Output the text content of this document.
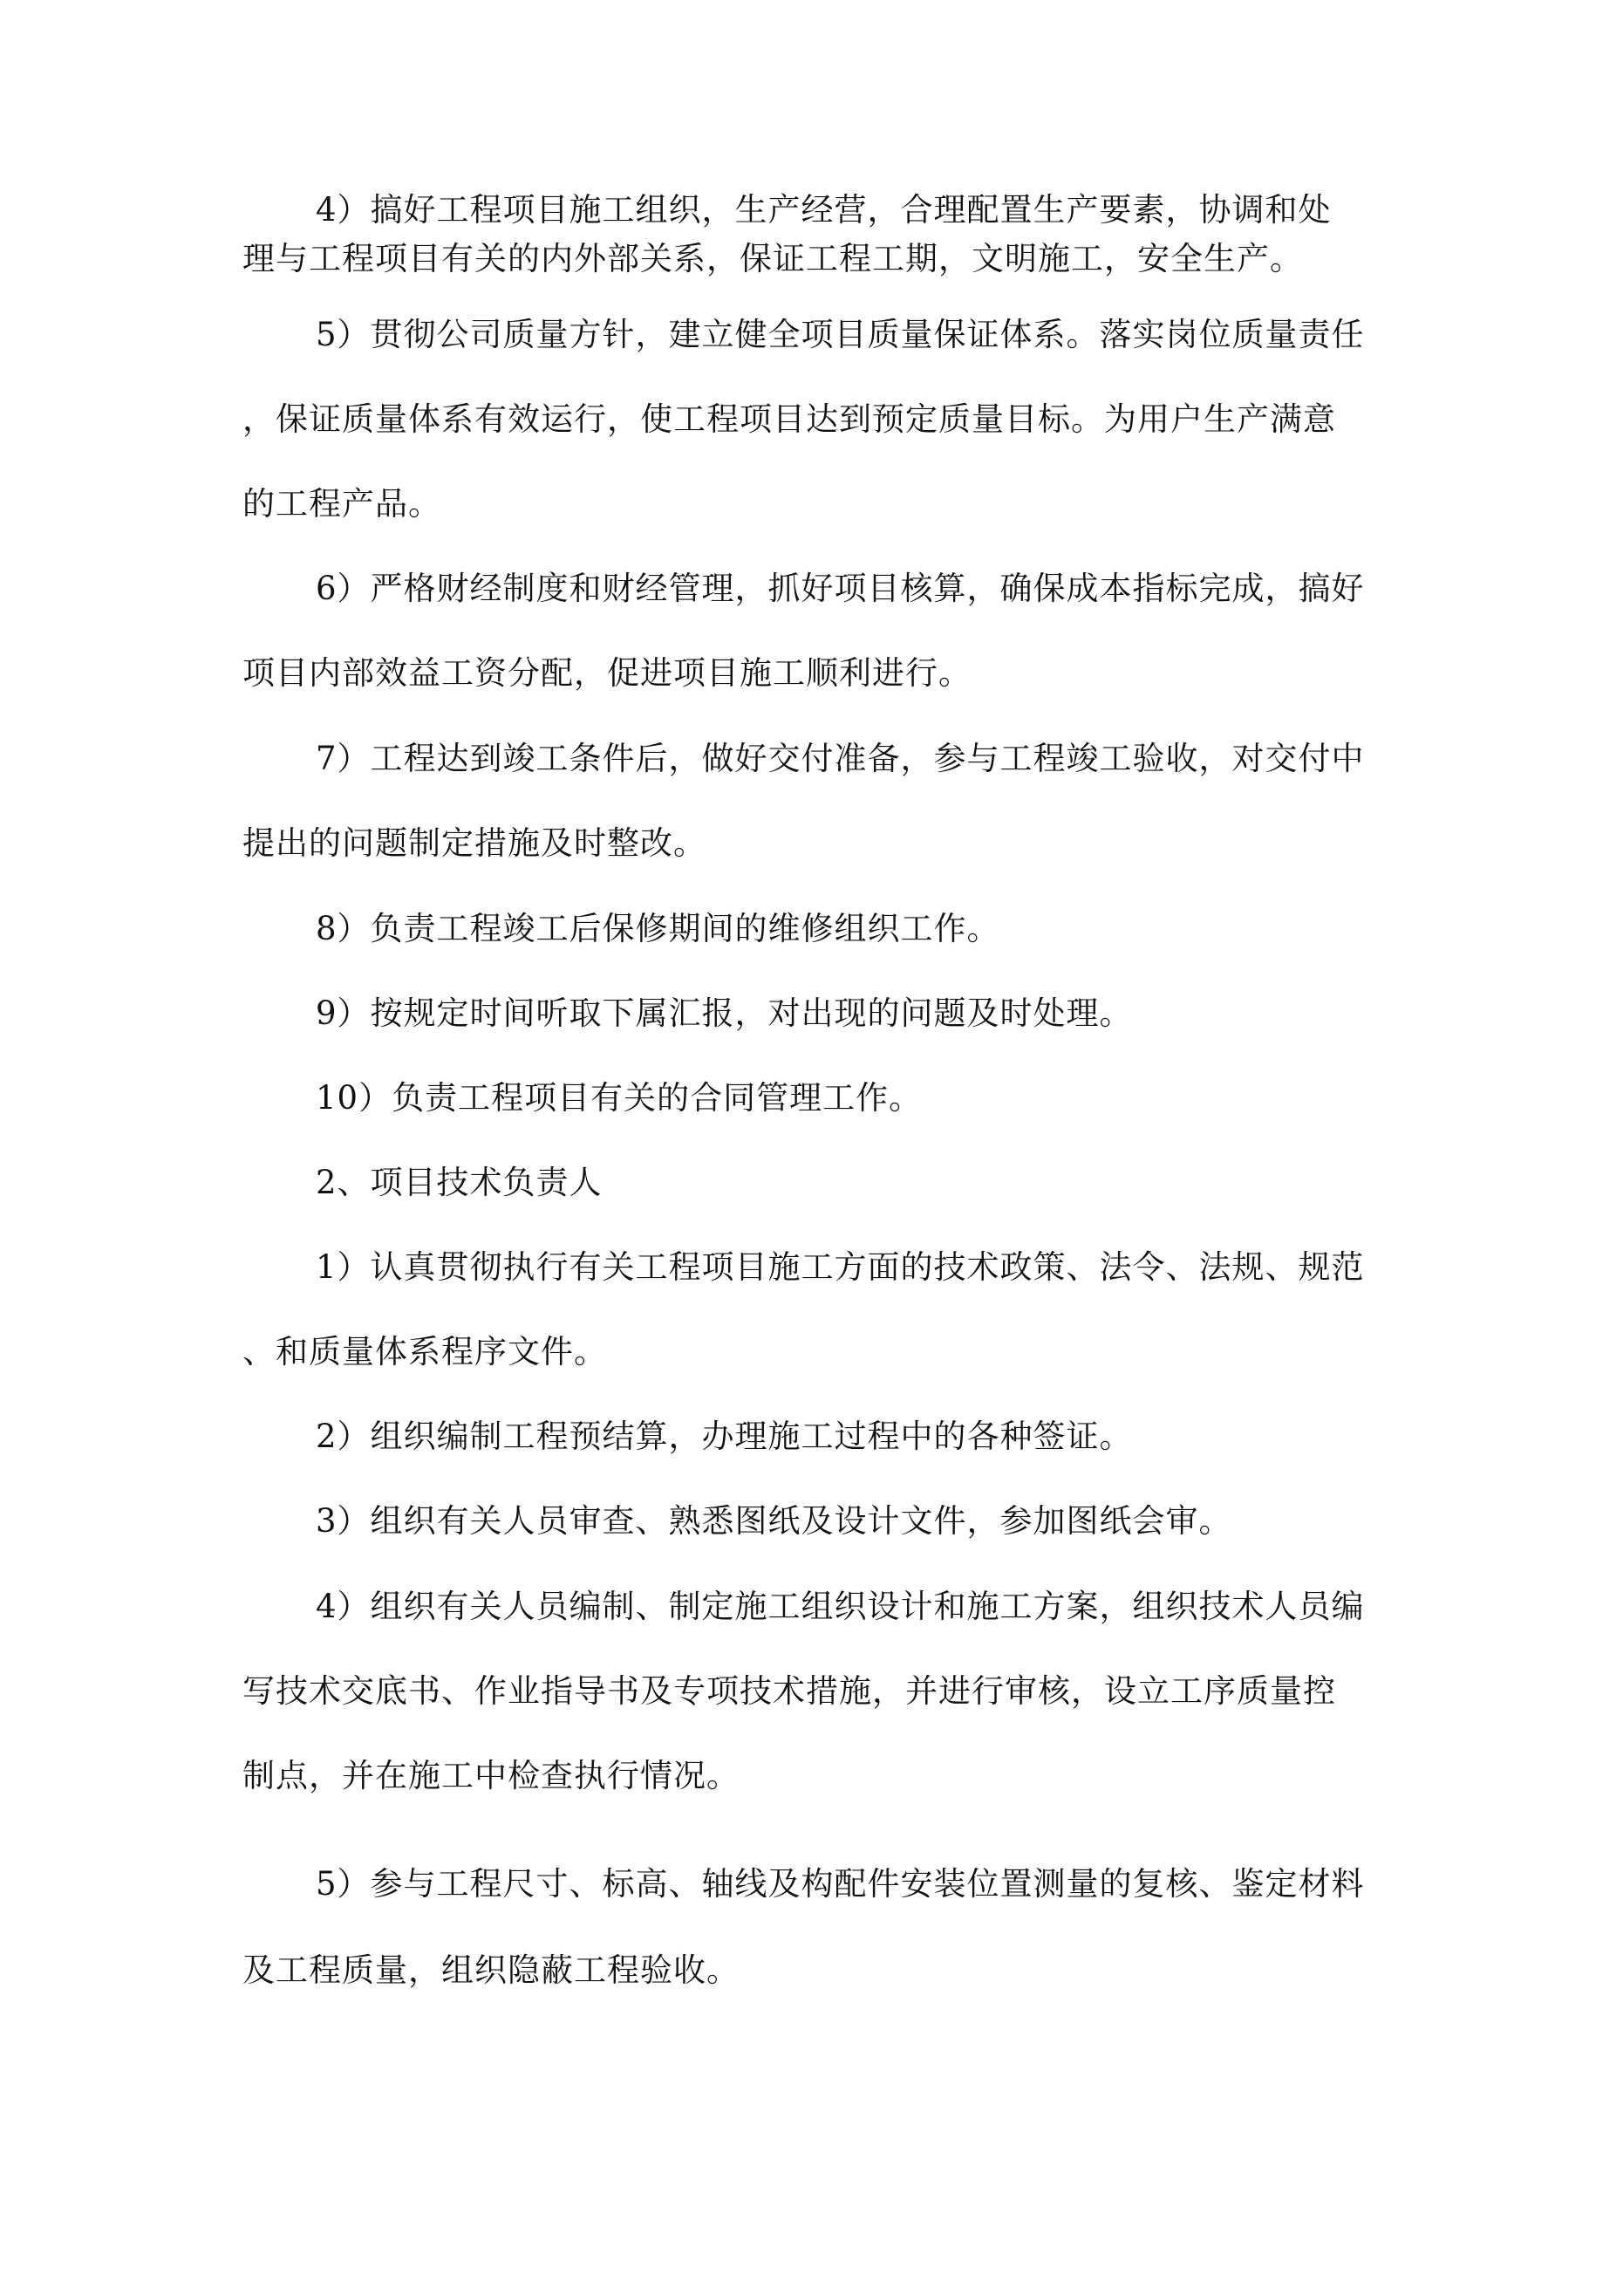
4）搞好工程项目施工组织，生产经营，合理配置生产要素，协调和处
理与工程项目有关的内外部关系，保证工程工期，文明施工，安全生产。
5）贯彻公司质量方针，建立健全项目质量保证体系。落实岗位质量责任
，保证质量体系有效运行，使工程项目达到预定质量目标。为用户生产满意
的工程产品。
6）严格财经制度和财经管理，抓好项目核算，确保成本指标完成，搞好
项目内部效益工资分配，促进项目施工顺利进行。
7）工程达到竣工条件后，做好交付准备，参与工程竣工验收，对交付中
提出的问题制定措施及时整改。
8）负责工程竣工后保修期间的维修组织工作。
9）按规定时间听取下属汇报，对出现的问题及时处理。
10）负责工程项目有关的合同管理工作。
2、项目技术负责人
1）认真贯彻执行有关工程项目施工方面的技术政策、法令、法规、规范
、和质量体系程序文件。
2）组织编制工程预结算，办理施工过程中的各种签证。
3）组织有关人员审查、熟悉图纸及设计文件，参加图纸会审。
4）组织有关人员编制、制定施工组织设计和施工方案，组织技术人员编
写技术交底书、作业指导书及专项技术措施，并进行审核，设立工序质量控
制点，并在施工中检查执行情况。
5）参与工程尺寸、标高、轴线及构配件安装位置测量的复核、鉴定材料
及工程质量，组织隐蔽工程验收。
